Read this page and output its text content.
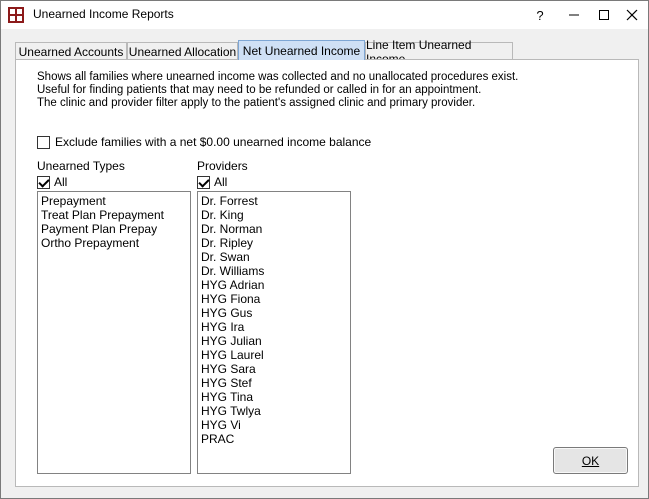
Unearned Income Reports	?
Unearned Accounts Unearned Allocation Net Unearned Income Line Item Unearned
Shows all families where unearned income was collected and no unallocated procedures exist.
Useful for finding patients that may need to be refunded or called in for an appointment.
The clinic and provider filter apply to the patient's assigned clinic and primary provider.
Exclude families with a net $0.00 unearned income balance
Unearned Types
All
Prepayment
Treat Plan Prepayment
Payment Plan Prepay
Ortho Prepayment
Providers
All
Dr. Forrest
Dr. King
Dr. Norman
Dr. Ripley
Dr. Swan
Dr. Williams
HYG Adrian
HYG Fiona
HYG Gus
HYG Ira
HYG Julian
HYG Laurel
HYG Sara
HYG Stef
HYG Tina
HYG Twlya
HYG Vi
PRAC
OK
